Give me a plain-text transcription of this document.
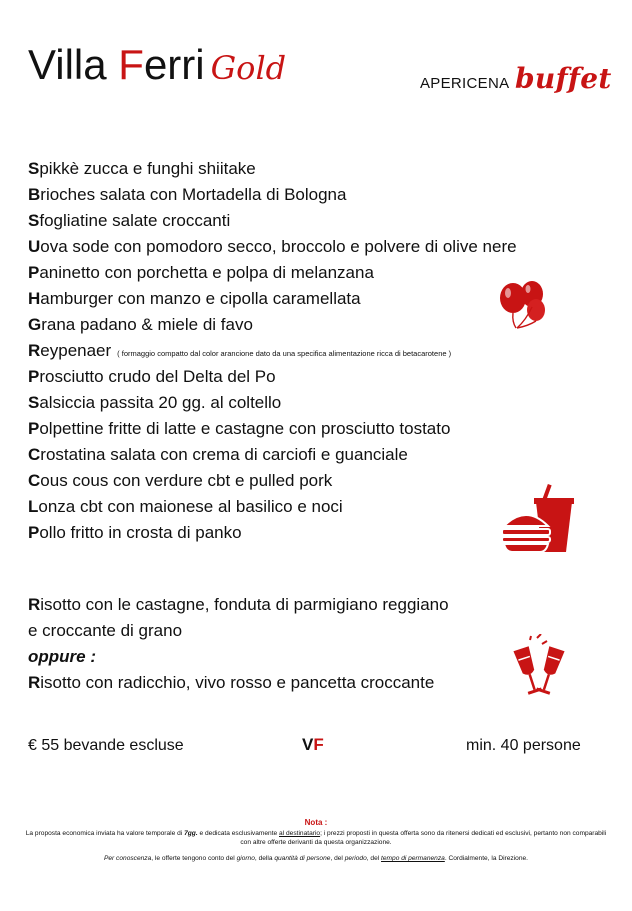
Villa Ferri Gold	APERICENA buffet
Spikkè zucca e funghi shiitake
Brioches salata con Mortadella di Bologna
Sfogliatine salate croccanti
Uova sode con pomodoro secco, broccolo e polvere di olive nere
Paninetto con porchetta e polpa di melanzana
Hamburger con manzo e cipolla caramellata
Grana padano & miele di favo
Reypenaer ( formaggio compatto dal color arancione dato da una specifica alimentazione ricca di betacarotene )
Prosciutto crudo del Delta del Po
Salsiccia passita 20 gg. al coltello
Polpettine fritte di latte e castagne con prosciutto tostato
Crostatina salata con crema di carciofi e guanciale
Cous cous con verdure cbt e pulled pork
Lonza cbt con maionese al basilico e noci
Pollo fritto in crosta di panko
Risotto con le castagne, fonduta di parmigiano reggiano
e croccante di grano
oppure :
Risotto con radicchio, vivo rosso e pancetta croccante
€ 55 bevande escluse	VF	min. 40 persone
Nota :
La proposta economica inviata ha valore temporale di 7gg. e dedicata esclusivamente al destinatario; i prezzi proposti in questa offerta sono da ritenersi dedicati ed esclusivi, pertanto non comparabili con altre offerte derivanti da questa organizzazione.
Per conoscenza, le offerte tengono conto del giorno, della quantità di persone, del periodo, del tempo di permanenza. Cordialmente, la Direzione.
